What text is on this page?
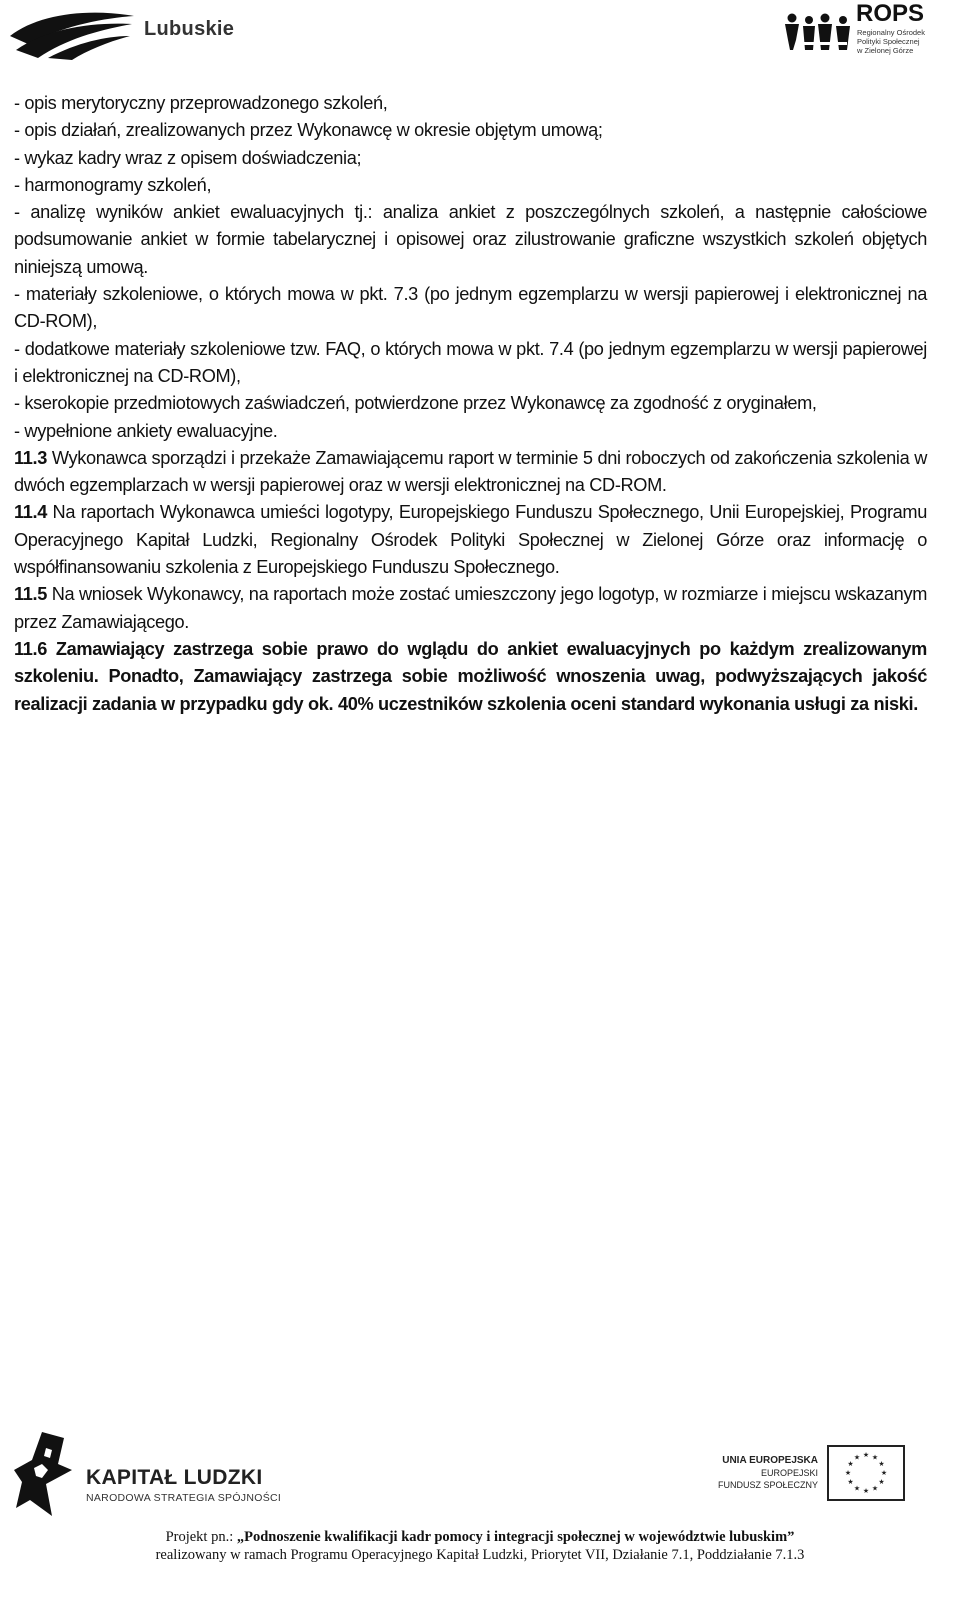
Lubuskie
ROPS
Regionalny Ośrodek
Polityki Społecznej
w Zielonej Górze

- opis merytoryczny przeprowadzonego szkoleń,

- opis działań, zrealizowanych przez Wykonawcę w okresie objętym umową;

- wykaz kadry wraz z opisem doświadczenia;

- harmonogramy szkoleń,

- analizę wyników ankiet ewaluacyjnych tj.: analiza ankiet z poszczególnych szkoleń, a następnie całościowe podsumowanie ankiet w formie tabelarycznej i opisowej oraz zilustrowanie graficzne wszystkich szkoleń objętych niniejszą umową.

- materiały szkoleniowe, o których mowa w pkt. 7.3 (po jednym egzemplarzu w wersji papierowej i elektronicznej na CD-ROM),

- dodatkowe materiały szkoleniowe tzw. FAQ, o których mowa w pkt. 7.4 (po jednym egzemplarzu w wersji papierowej i elektronicznej na CD-ROM),

- kserokopie przedmiotowych zaświadczeń, potwierdzone przez Wykonawcę za zgodność z oryginałem,

- wypełnione ankiety ewaluacyjne.

11.3 Wykonawca sporządzi i przekaże Zamawiającemu raport w terminie 5 dni roboczych od zakończenia szkolenia w dwóch egzemplarzach w wersji papierowej oraz w wersji elektronicznej na CD-ROM.

11.4 Na raportach Wykonawca umieści logotypy, Europejskiego Funduszu Społecznego, Unii Europejskiej, Programu Operacyjnego Kapitał Ludzki, Regionalny Ośrodek Polityki Społecznej w Zielonej Górze oraz informację o współfinansowaniu szkolenia z Europejskiego Funduszu Społecznego.

11.5 Na wniosek Wykonawcy, na raportach może zostać umieszczony jego logotyp, w rozmiarze i miejscu wskazanym przez Zamawiającego.

11.6 Zamawiający zastrzega sobie prawo do wglądu do ankiet ewaluacyjnych po każdym zrealizowanym szkoleniu. Ponadto, Zamawiający zastrzega sobie możliwość wnoszenia uwag, podwyższających jakość realizacji zadania w przypadku gdy ok. 40% uczestników szkolenia oceni standard wykonania usługi za niski.

KAPITAŁ LUDZKI
NARODOWA STRATEGIA SPÓJNOŚCI
UNIA EUROPEJSKA
EUROPEJSKI
FUNDUSZ SPOŁECZNY
★ ★
★
★
★
★
★
★
★
★
★
★
Projekt pn.: „Podnoszenie kwalifikacji kadr pomocy i integracji społecznej w województwie lubuskim”
realizowany w ramach Programu Operacyjnego Kapitał Ludzki, Priorytet VII, Działanie 7.1, Poddziałanie 7.1.3
